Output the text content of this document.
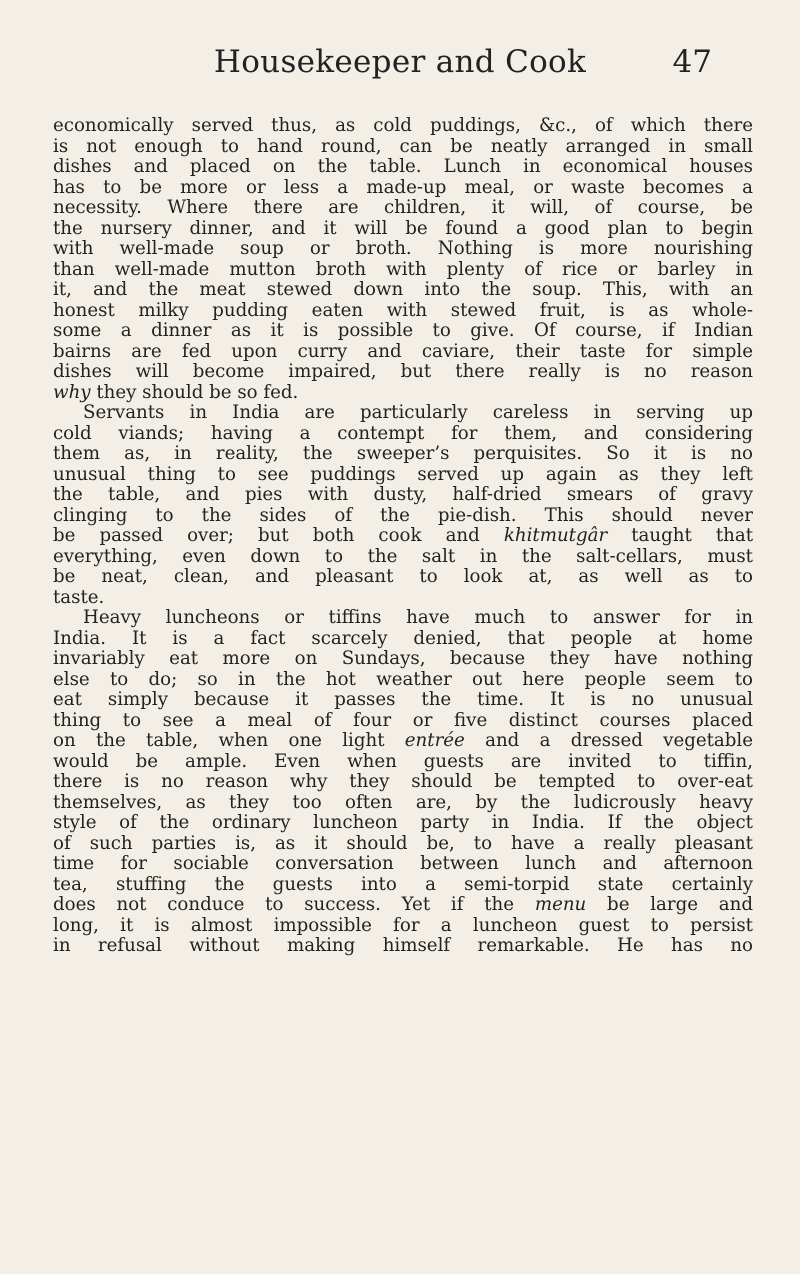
Housekeeper and Cook	47
economically served thus, as cold puddings, &c., of which there
is not enough to hand round, can be neatly arranged in small
dishes and placed on the table. Lunch in economical houses
has to be more or less a made-up meal, or waste becomes a
necessity. Where there are children, it will, of course, be
the nursery dinner, and it will be found a good plan to begin
with well-made soup or broth. Nothing is more nourishing
than well-made mutton broth with plenty of rice or barley in
it, and the meat stewed down into the soup. This, with an
honest milky pudding eaten with stewed fruit, is as whole-
some a dinner as it is possible to give. Of course, if Indian
bairns are fed upon curry and caviare, their taste for simple
dishes will become impaired, but there really is no reason
why they should be so fed.
Servants in India are particularly careless in serving up
cold viands; having a contempt for them, and considering
them as, in reality, the sweeper’s perquisites. So it is no
unusual thing to see puddings served up again as they left
the table, and pies with dusty, half-dried smears of gravy
clinging to the sides of the pie-dish. This should never
be passed over; but both cook and khitmutgâr taught that
everything, even down to the salt in the salt-cellars, must
be neat, clean, and pleasant to look at, as well as to
taste.
Heavy luncheons or tiffins have much to answer for in
India. It is a fact scarcely denied, that people at home
invariably eat more on Sundays, because they have nothing
else to do; so in the hot weather out here people seem to
eat simply because it passes the time. It is no unusual
thing to see a meal of four or five distinct courses placed
on the table, when one light entrée and a dressed vegetable
would be ample. Even when guests are invited to tiffin,
there is no reason why they should be tempted to over-eat
themselves, as they too often are, by the ludicrously heavy
style of the ordinary luncheon party in India. If the object
of such parties is, as it should be, to have a really pleasant
time for sociable conversation between lunch and afternoon
tea, stuffing the guests into a semi-torpid state certainly
does not conduce to success. Yet if the menu be large and
long, it is almost impossible for a luncheon guest to persist
in refusal without making himself remarkable. He has no
